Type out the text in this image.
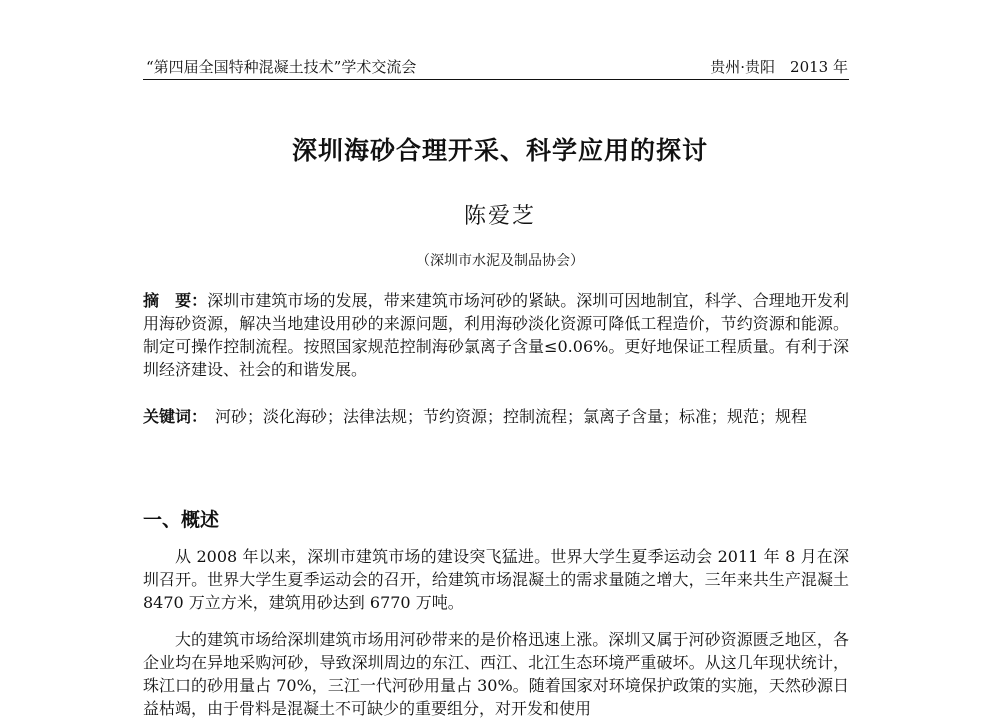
“第四届全国特种混凝土技术”学术交流会	贵州·贵阳　2013 年
深圳海砂合理开采、科学应用的探讨
陈爱芝
（深圳市水泥及制品协会）

摘　要：深圳市建筑市场的发展，带来建筑市场河砂的紧缺。深圳可因地制宜，科学、合理地开发利用海砂资源，解决当地建设用砂的来源问题，利用海砂淡化资源可降低工程造价，节约资源和能源。 制定可操作控制流程。按照国家规范控制海砂氯离子含量≤0.06%。更好地保证工程质量。有利于深圳经济建设、社会的和谐发展。

关键词：　河砂；淡化海砂；法律法规；节约资源；控制流程；氯离子含量；标准；规范；规程

一、概述

从 2008 年以来，深圳市建筑市场的建设突飞猛进。世界大学生夏季运动会 2011 年 8 月在深圳召开。世界大学生夏季运动会的召开，给建筑市场混凝土的需求量随之增大，三年来共生产混凝土 8470 万立方米，建筑用砂达到 6770 万吨。

大的建筑市场给深圳建筑市场用河砂带来的是价格迅速上涨。深圳又属于河砂资源匮乏地区，各企业均在异地采购河砂，导致深圳周边的东江、西江、北江生态环境严重破坏。从这几年现状统计，珠江口的砂用量占 70%，三江一代河砂用量占 30%。随着国家对环境保护政策的实施，天然砂源日益枯竭，由于骨料是混凝土不可缺少的重要组分，对开发和使用
